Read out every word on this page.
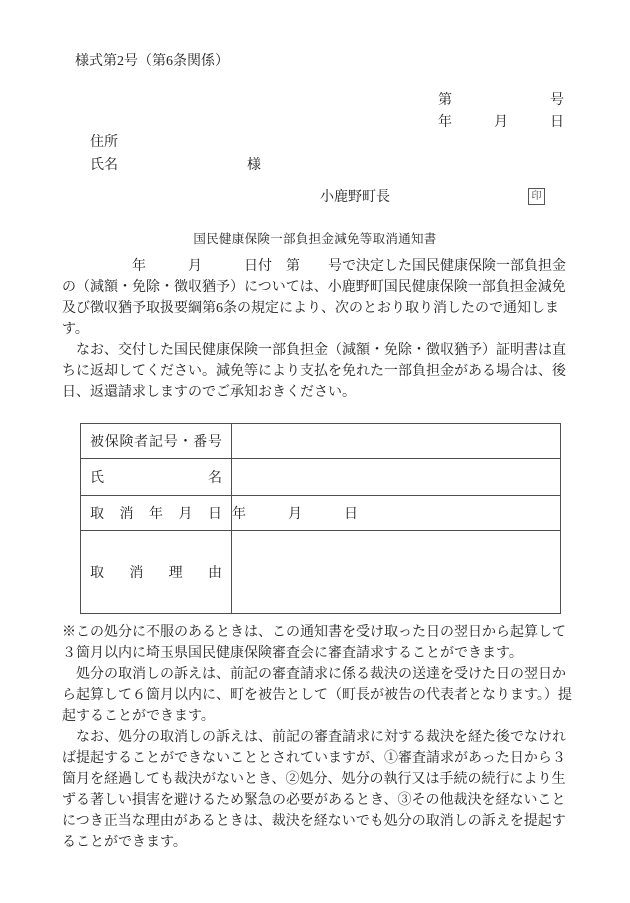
様式第2号（第6条関係）
第　　　　　　　号
年　　　月　　　日
住所
氏名	様
小鹿野町長	印
国民健康保険一部負担金減免等取消通知書
　　　　　年　　　月　　　日付　第　　号で決定した国民健康保険一部負担金
の（減額・免除・徴収猶予）については、小鹿野町国民健康保険一部負担金減免
及び徴収猶予取扱要綱第6条の規定により、次のとおり取り消したので通知しま
す。
　なお、交付した国民健康保険一部負担金（減額・免除・徴収猶予）証明書は直
ちに返却してください。減免等により支払を免れた一部負担金がある場合は、後
日、返還請求しますのでご承知おきください。
被 保 険 者 記 号 ・ 番 号

氏 名	

取 消 年 月 日	年　　　月　　　日

取 消 理 由	

※この処分に不服のあるときは、この通知書を受け取った日の翌日から起算して
３箇月以内に埼玉県国民健康保険審査会に審査請求することができます。
　処分の取消しの訴えは、前記の審査請求に係る裁決の送達を受けた日の翌日か
ら起算して６箇月以内に、町を被告として（町長が被告の代表者となります。）提
起することができます。
　なお、処分の取消しの訴えは、前記の審査請求に対する裁決を経た後でなけれ
ば提起することができないこととされていますが、①審査請求があった日から３
箇月を経過しても裁決がないとき、②処分、処分の執行又は手続の続行により生
ずる著しい損害を避けるため緊急の必要があるとき、③その他裁決を経ないこと
につき正当な理由があるときは、裁決を経ないでも処分の取消しの訴えを提起す
ることができます。
